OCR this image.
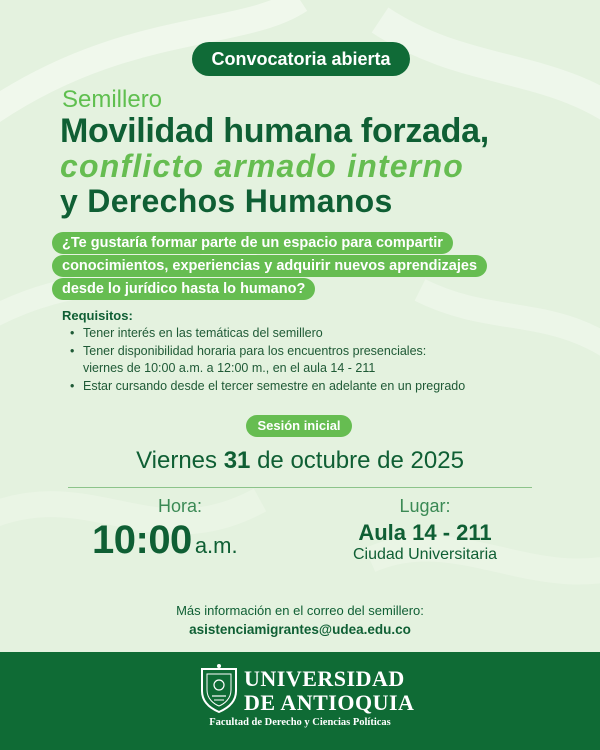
Convocatoria abierta
Semillero
Movilidad humana forzada,
conflicto armado interno
y Derechos Humanos
¿Te gustaría formar parte de un espacio para compartir
conocimientos, experiencias y adquirir nuevos aprendizajes
desde lo jurídico hasta lo humano?
Requisitos:
• Tener interés en las temáticas del semillero
• Tener disponibilidad horaria para los encuentros presenciales:
viernes de 10:00 a.m. a 12:00 m., en el aula 14 - 211
• Estar cursando desde el tercer semestre en adelante en un pregrado
Sesión inicial
Viernes 31 de octubre de 2025
Hora:
10:00 a.m.
Lugar:
Aula 14 - 211
Ciudad Universitaria
Más información en el correo del semillero:
asistenciamigrantes@udea.edu.co
UNIVERSIDAD
DE ANTIOQUIA
Facultad de Derecho y Ciencias Políticas
